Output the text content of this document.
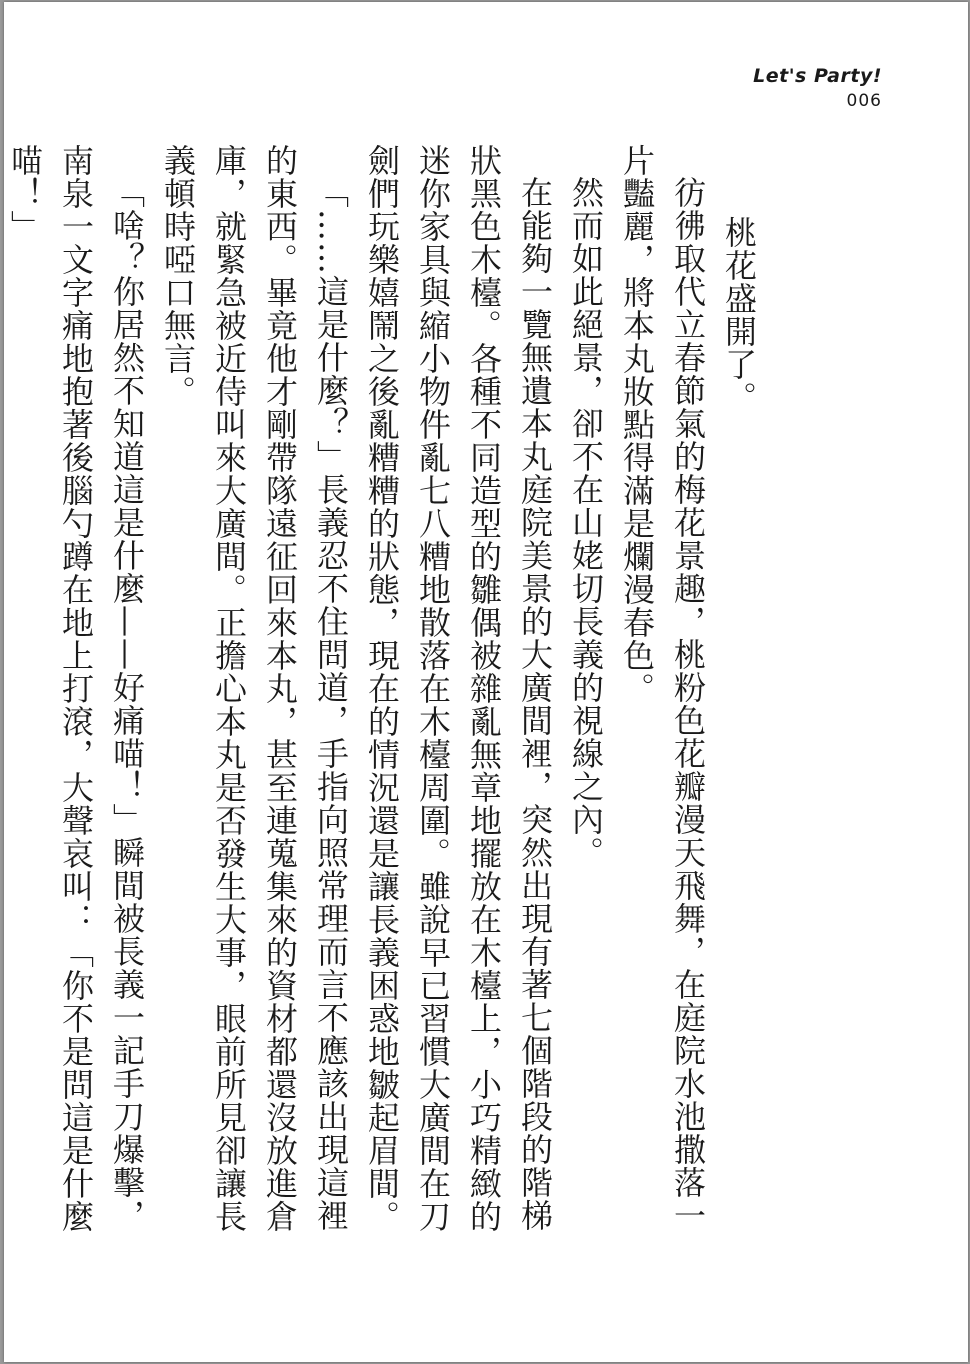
Let's Party!
006

桃花盛開了。

彷彿取代立春節氣的梅花景趣，桃粉色花瓣漫天飛舞，在庭院水池撒落一片豔麗，將本丸妝點得滿是爛漫春色。

然而如此絕景，卻不在山姥切長義的視線之內。

在能夠一覽無遺本丸庭院美景的大廣間裡，突然出現有著七個階段的階梯狀黑色木檯。各種不同造型的雛偶被雜亂無章地擺放在木檯上，小巧精緻的迷你家具與縮小物件亂七八糟地散落在木檯周圍。雖說早已習慣大廣間在刀劍們玩樂嬉鬧之後亂糟糟的狀態，現在的情況還是讓長義困惑地皺起眉間。

「……這是什麼？」長義忍不住問道，手指向照常理而言不應該出現這裡的東西。畢竟他才剛帶隊遠征回來本丸，甚至連蒐集來的資材都還沒放進倉庫，就緊急被近侍叫來大廣間。正擔心本丸是否發生大事，眼前所見卻讓長義頓時啞口無言。

「啥？你居然不知道這是什麼——好痛喵！」瞬間被長義一記手刀爆擊，南泉一文字痛地抱著後腦勺蹲在地上打滾，大聲哀叫：「你不是問這是什麼喵！」
